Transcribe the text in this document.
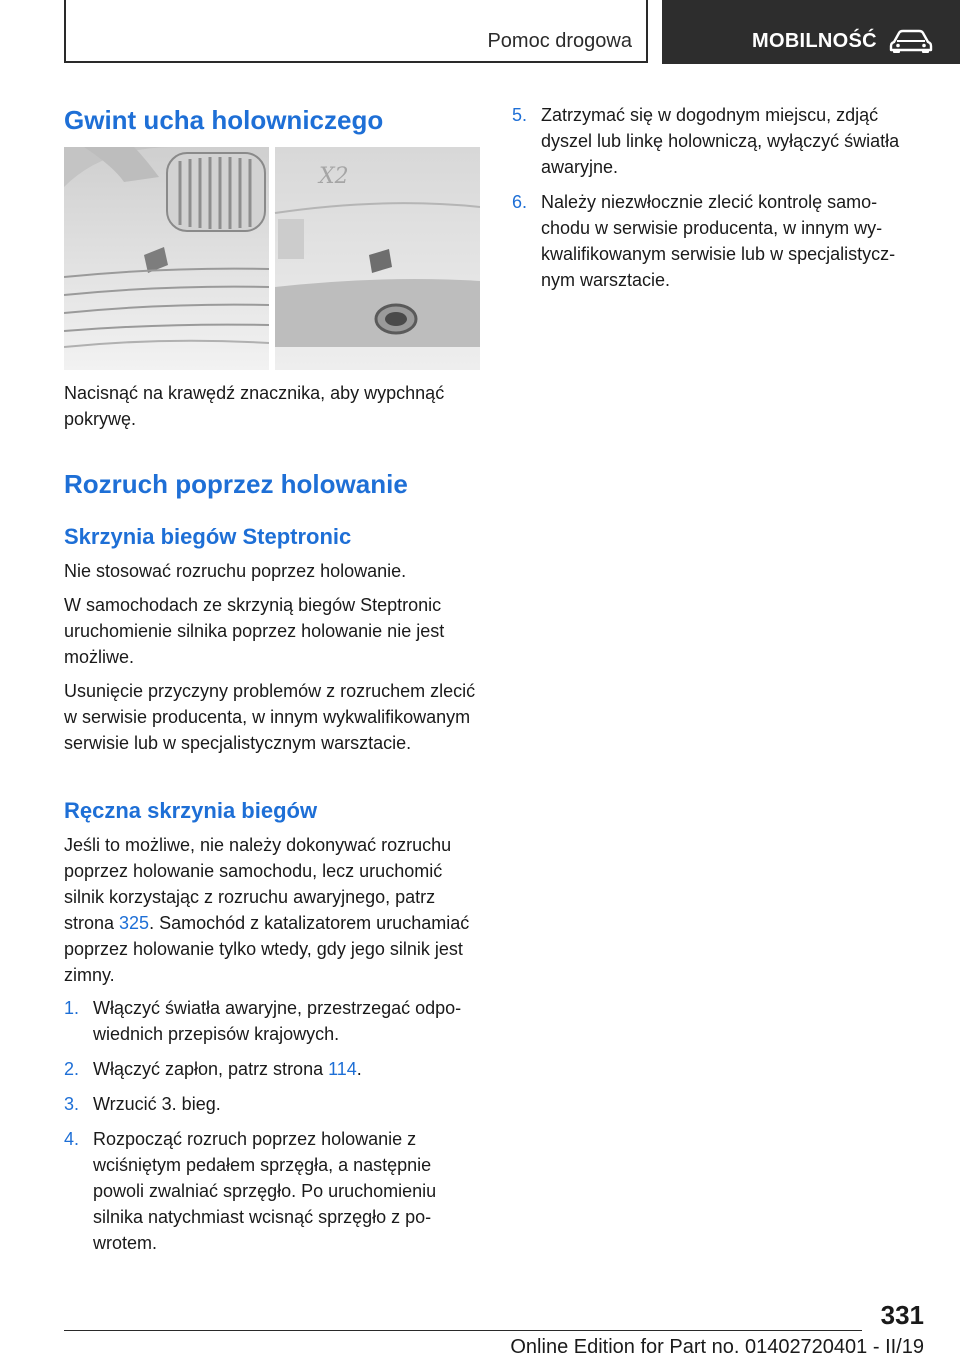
Pomoc drogowa	MOBILNOŚĆ
Gwint ucha holowniczego
X2

Nacisnąć na krawędź znacznika, aby wypchnąć pokrywę.

Rozruch poprzez holowanie
Skrzynia biegów Steptronic

Nie stosować rozruchu poprzez holowanie.

W samochodach ze skrzynią biegów Steptronic uruchomienie silnika poprzez holowanie nie jest możliwe.

Usunięcie przyczyny problemów z rozruchem zlecić w serwisie producenta, w innym wykwalifikowanym serwisie lub w specjalistycznym warsztacie.

Ręczna skrzynia biegów

Jeśli to możliwe, nie należy dokonywać rozruchu poprzez holowanie samochodu, lecz uruchomić silnik korzystając z rozruchu awaryjnego, patrz strona 325. Samochód z katalizatorem uruchamiać poprzez holowanie tylko wtedy, gdy jego silnik jest zimny.

1. Włączyć światła awaryjne, przestrzegać odpowiednich przepisów krajowych.
2. Włączyć zapłon, patrz strona 114.
3. Wrzucić 3. bieg.
4. Rozpocząć rozruch poprzez holowanie z wciśniętym pedałem sprzęgła, a następnie powoli zwalniać sprzęgło. Po uruchomieniu silnika natychmiast wcisnąć sprzęgło z powrotem.
5. Zatrzymać się w dogodnym miejscu, zdjąć dyszel lub linkę holowniczą, wyłączyć światła awaryjne.
6. Należy niezwłocznie zlecić kontrolę samochodu w serwisie producenta, w innym wykwalifikowanym serwisie lub w specjalistycznym warsztacie.
331
Online Edition for Part no. 01402720401 - II/19
